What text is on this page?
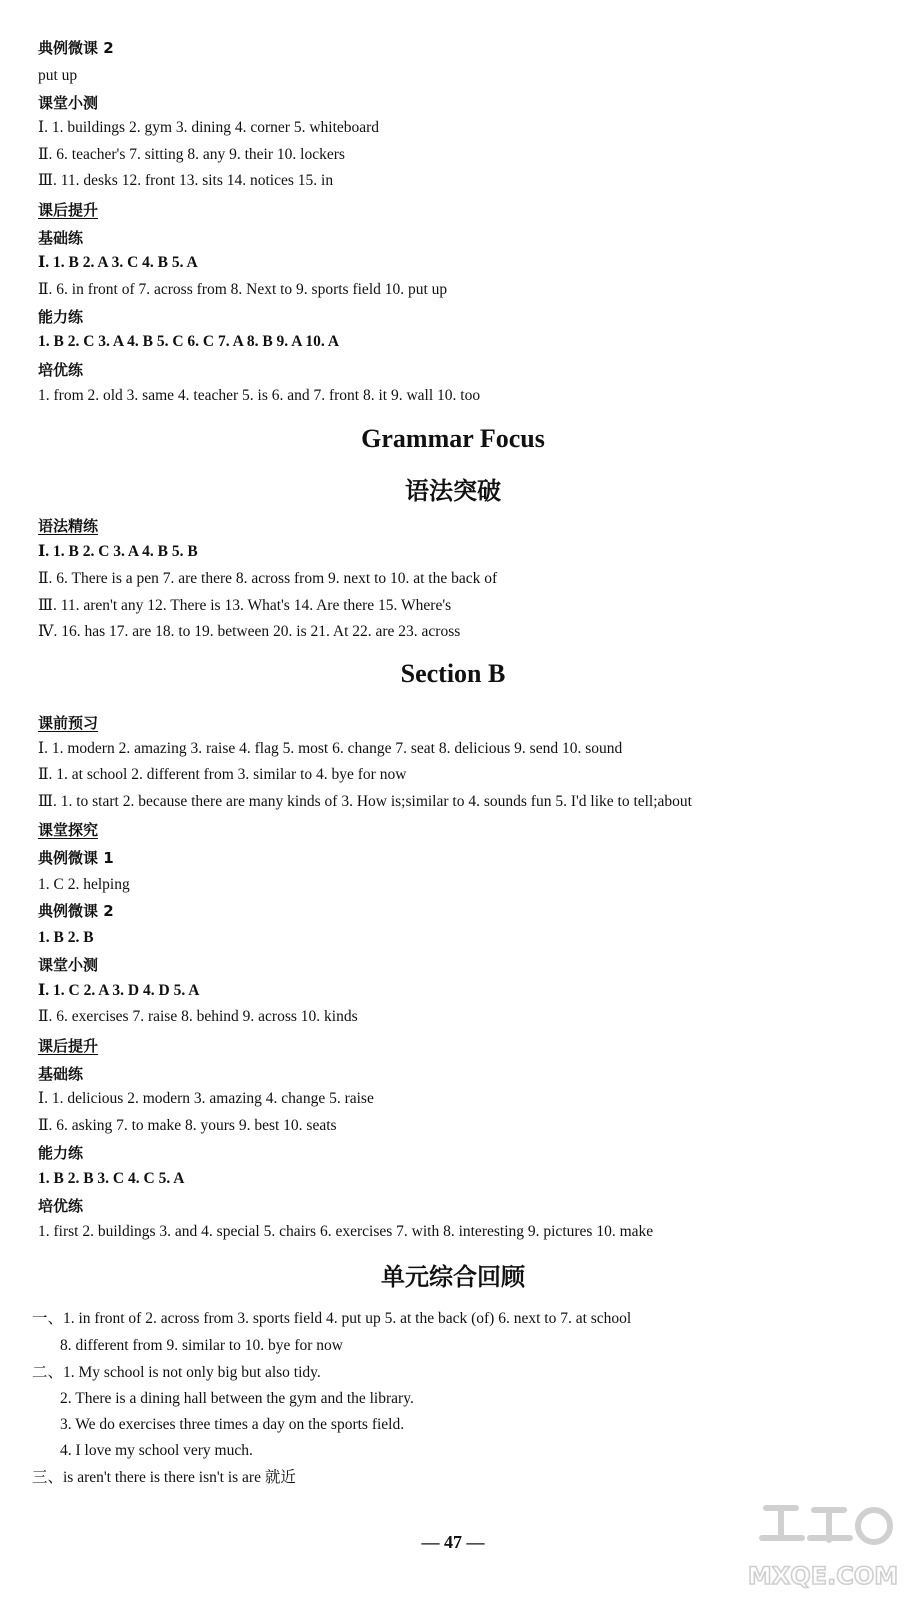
典例微课 2
put up
课堂小测
Ⅰ. 1. buildings 2. gym 3. dining 4. corner 5. whiteboard
Ⅱ. 6. teacher's 7. sitting 8. any 9. their 10. lockers
Ⅲ. 11. desks 12. front 13. sits 14. notices 15. in
课后提升
基础练
Ⅰ. 1. B 2. A 3. C 4. B 5. A
Ⅱ. 6. in front of 7. across from 8. Next to 9. sports field 10. put up
能力练
1. B 2. C 3. A 4. B 5. C 6. C 7. A 8. B 9. A 10. A
培优练
1. from 2. old 3. same 4. teacher 5. is 6. and 7. front 8. it 9. wall 10. too
语法精练
Ⅰ. 1. B 2. C 3. A 4. B 5. B
Ⅱ. 6. There is a pen 7. are there 8. across from 9. next to 10. at the back of
Ⅲ. 11. aren't any 12. There is 13. What's 14. Are there 15. Where's
Ⅳ. 16. has 17. are 18. to 19. between 20. is 21. At 22. are 23. across
课前预习
Ⅰ. 1. modern 2. amazing 3. raise 4. flag 5. most 6. change 7. seat 8. delicious 9. send 10. sound
Ⅱ. 1. at school 2. different from 3. similar to 4. bye for now
Ⅲ. 1. to start 2. because there are many kinds of 3. How is;similar to 4. sounds fun 5. I'd like to tell;about
课堂探究
典例微课 1
1. C 2. helping
典例微课 2
1. B 2. B
课堂小测
Ⅰ. 1. C 2. A 3. D 4. D 5. A
Ⅱ. 6. exercises 7. raise 8. behind 9. across 10. kinds
课后提升
基础练
Ⅰ. 1. delicious 2. modern 3. amazing 4. change 5. raise
Ⅱ. 6. asking 7. to make 8. yours 9. best 10. seats
能力练
1. B 2. B 3. C 4. C 5. A
培优练
1. first 2. buildings 3. and 4. special 5. chairs 6. exercises 7. with 8. interesting 9. pictures 10. make
一、1. in front of 2. across from 3. sports field 4. put up 5. at the back (of) 6. next to 7. at school
8. different from 9. similar to 10. bye for now
二、1. My school is not only big but also tidy.
2. There is a dining hall between the gym and the library.
3. We do exercises three times a day on the sports field.
4. I love my school very much.
三、is aren't there is there isn't is are 就近
Grammar Focus
语法突破
Section B
单元综合回顾
— 47 —
MXQE.COM
